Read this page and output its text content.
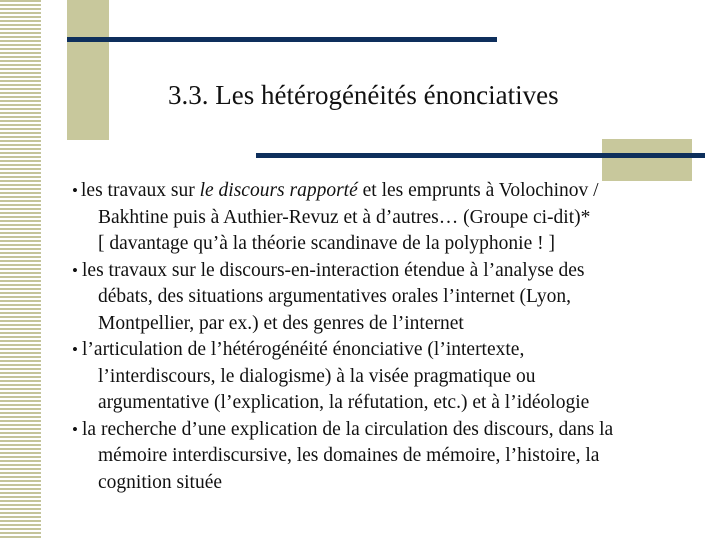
3.3. Les hétérogénéités énonciatives
• les travaux sur le discours rapporté et les emprunts à Volochinov /
Bakhtine puis à Authier-Revuz et à d’autres… (Groupe ci-dit)*
[ davantage qu’à la théorie scandinave de la polyphonie ! ]
• les travaux sur le discours-en-interaction étendue à l’analyse des
débats, des situations argumentatives orales l’internet (Lyon,
Montpellier, par ex.) et des genres de l’internet
• l’articulation de l’hétérogénéité énonciative (l’intertexte,
l’interdiscours, le dialogisme) à la visée pragmatique ou
argumentative (l’explication, la réfutation, etc.) et à l’idéologie
• la recherche d’une explication de la circulation des discours, dans la
mémoire interdiscursive, les domaines de mémoire, l’histoire, la
cognition située
